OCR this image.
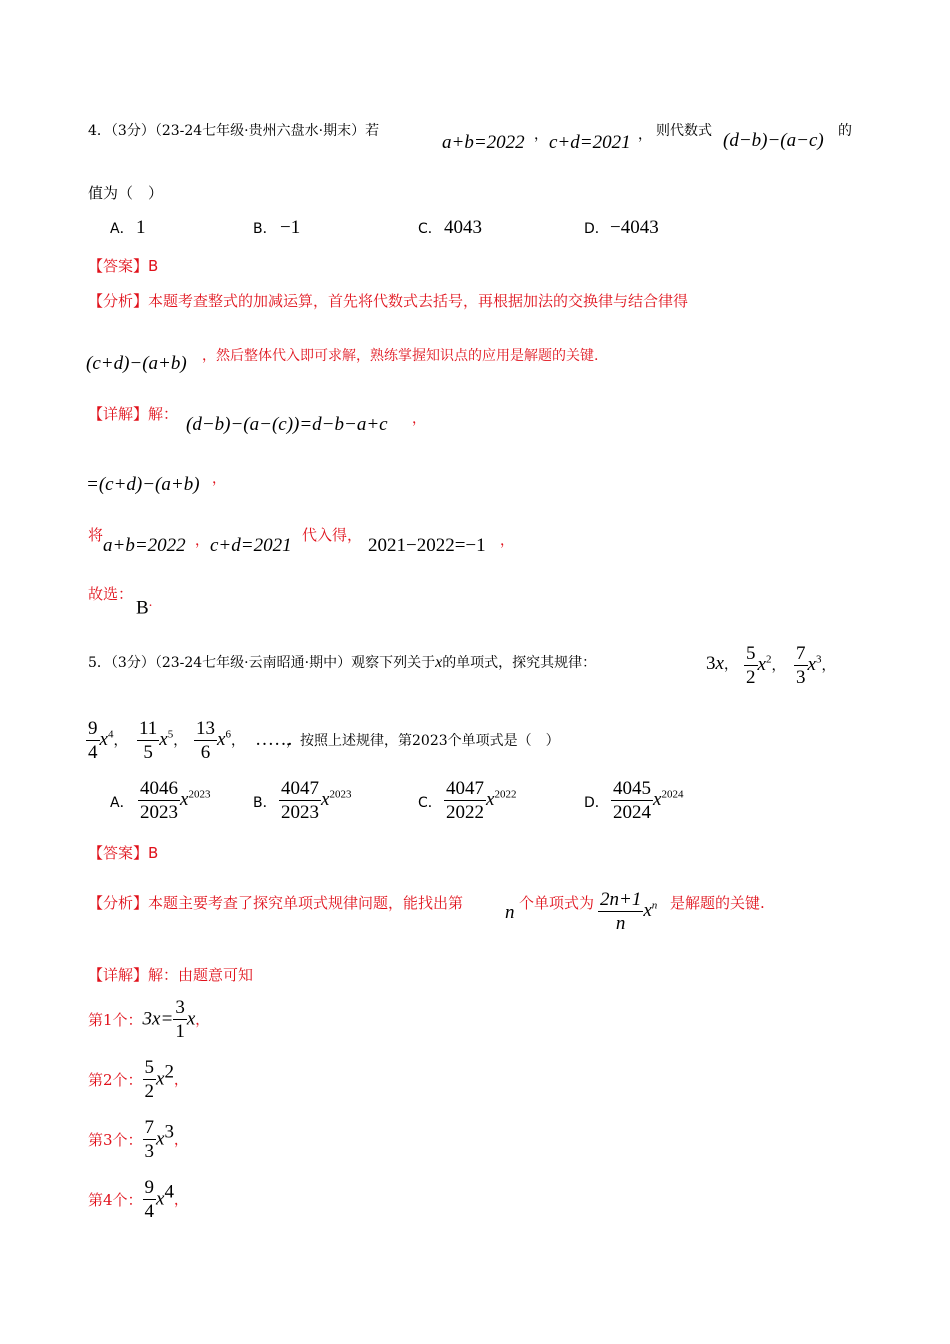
4．（3分）（23-24七年级·贵州六盘水·期末）若
a+b=2022 ， c+d=2021 ， 则代数式 (d−b)−(a−c) 的
值为（　）
A． 1	B． −1	C． 4043	D． −4043
【答案】B
【分析】本题考查整式的加减运算，首先将代数式去括号，再根据加法的交换律与结合律得
(c+d)−(a+b) ，然后整体代入即可求解，熟练掌握知识点的应用是解题的关键.
【详解】解： (d−b)−(a−(c))=d−b−a+c ，
=(c+d)−(a+b) ，
将 a+b=2022 ， c+d=2021 代入得， 2021−2022=−1 ，
故选：
B.
5．（3分）（23-24七年级·云南昭通·期中）观察下列关于x的单项式，探究其规律：	3x， $\frac{5}{2} x^2$， $\frac{7}{3} x^3$，
$\frac{9}{4} x^4$， $\frac{11}{5} x^5$， $\frac{13}{6} x^6$， ……
，按照上述规律，第2023个单项式是（　）
A． $\frac{4046}{2023} x^{2023}$
B． $\frac{4047}{2023} x^{2023}$
C． $\frac{4047}{2022} x^{2022}$
D． $\frac{4045}{2024} x^{2024}$
【答案】B
【分析】本题主要考查了探究单项式规律问题，能找出第 n 个单项式为 $\frac{2n+1}{n} x^n$ 是解题的关键.
【详解】解：由题意可知
第1个：$3x= \frac{3}{1}$ x，
第2个： $\frac{5}{2} x^2$，
第3个： $\frac{7}{3} x^3$，
第4个： $\frac{9}{4} x^4$，
